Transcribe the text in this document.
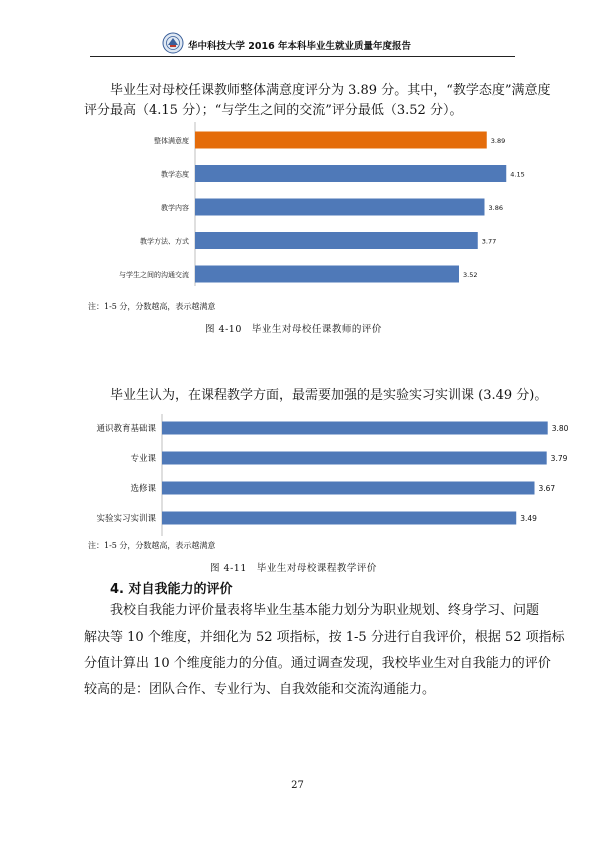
华中科技大学 2016 年本科毕业生就业质量年度报告
毕业生对母校任课教师整体满意度评分为 3.89 分。其中，“教学态度”满意度
评分最高（4.15 分）；“与学生之间的交流”评分最低（3.52 分）。
整体满意度	3.89
教学态度	4.15
教学内容	3.86
教学方法、方式	3.77
与学生之间的沟通交流	3.52
注：1-5 分，分数越高，表示越满意
图 4-10　毕业生对母校任课教师的评价
毕业生认为，在课程教学方面，最需要加强的是实验实习实训课 (3.49 分)。
通识教育基础课	3.80
专业课	3.79
选修课	3.67
实验实习实训课	3.49
注：1-5 分，分数越高，表示越满意
图 4-11　毕业生对母校课程教学评价
4. 对自我能力的评价
我校自我能力评价量表将毕业生基本能力划分为职业规划、终身学习、问题
解决等 10 个维度，并细化为 52 项指标，按 1-5 分进行自我评价，根据 52 项指标
分值计算出 10 个维度能力的分值。通过调查发现，我校毕业生对自我能力的评价
较高的是：团队合作、专业行为、自我效能和交流沟通能力。
27
